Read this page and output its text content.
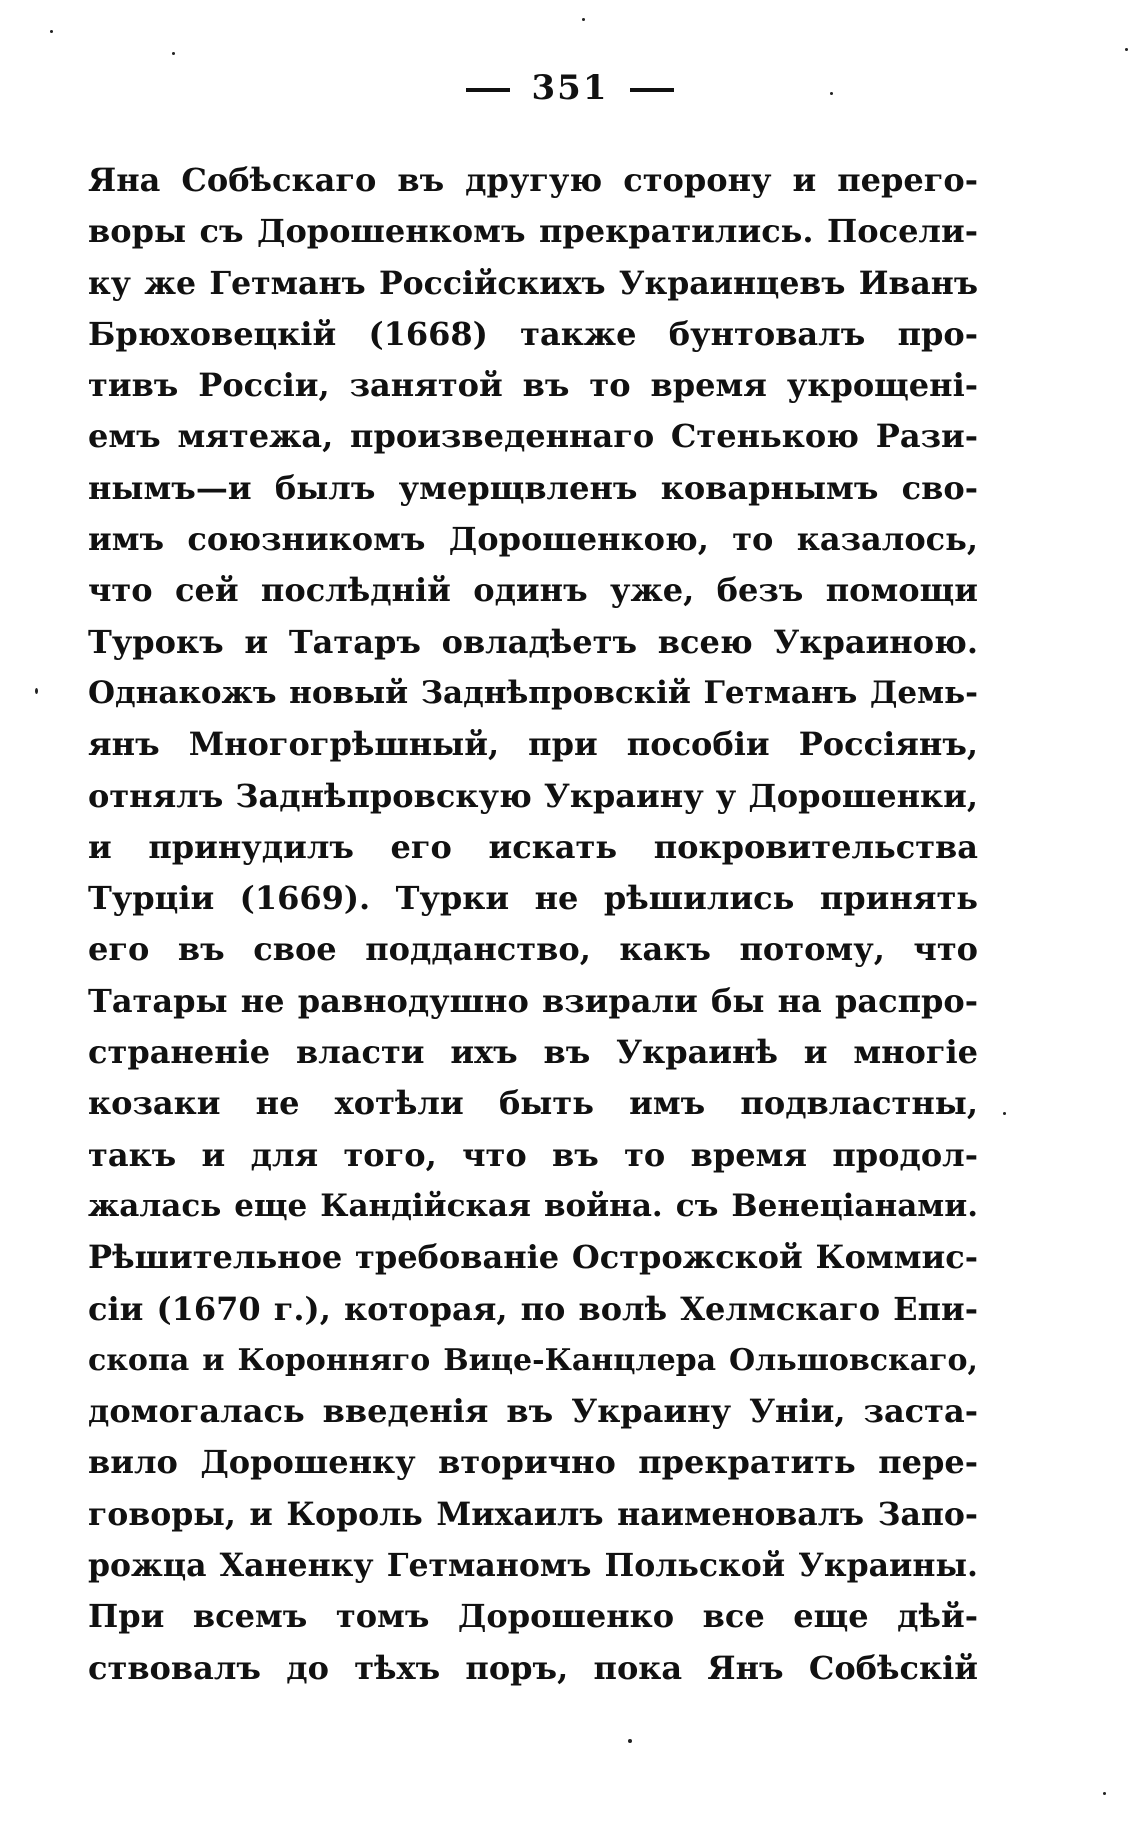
351
Яна Собѣскаго въ другую сторону и перего-
воры съ Дорошенкомъ прекратились. Посели-
ку же Гетманъ Россійскихъ Украинцевъ Иванъ
Брюховецкій (1668) также бунтовалъ про-
тивъ Россіи, занятой въ то время укрощені-
емъ мятежа, произведеннаго Стенькою Рази-
нымъ—и былъ умерщвленъ коварнымъ сво-
имъ союзникомъ Дорошенкою, то казалось,
что сей послѣдній одинъ уже, безъ помощи
Турокъ и Татаръ овладѣетъ всею Украиною.
Однакожъ новый Заднѣпровскій Гетманъ Демь-
янъ Многогрѣшный, при пособіи Россіянъ,
отнялъ Заднѣпровскую Украину у Дорошенки,
и принудилъ его искать покровительства
Турціи (1669). Турки не рѣшились принять
его въ свое подданство, какъ потому, что
Татары не равнодушно взирали бы на распро-
страненіе власти ихъ въ Украинѣ и многіе
козаки не хотѣли быть имъ подвластны,
такъ и для того, что въ то время продол-
жалась еще Кандійская война. съ Венеціанами.
Рѣшительное требованіе Острожской Коммис-
сіи (1670 г.), которая, по волѣ Хелмскаго Епи-
скопа и Коронняго Вице-Канцлера Ольшовскаго,
домогалась введенія въ Украину Уніи, заста-
вило Дорошенку вторично прекратить пере-
говоры, и Король Михаилъ наименовалъ Запо-
рожца Ханенку Гетманомъ Польской Украины.
При всемъ томъ Дорошенко все еще дѣй-
ствовалъ до тѣхъ поръ, пока Янъ Собѣскій
